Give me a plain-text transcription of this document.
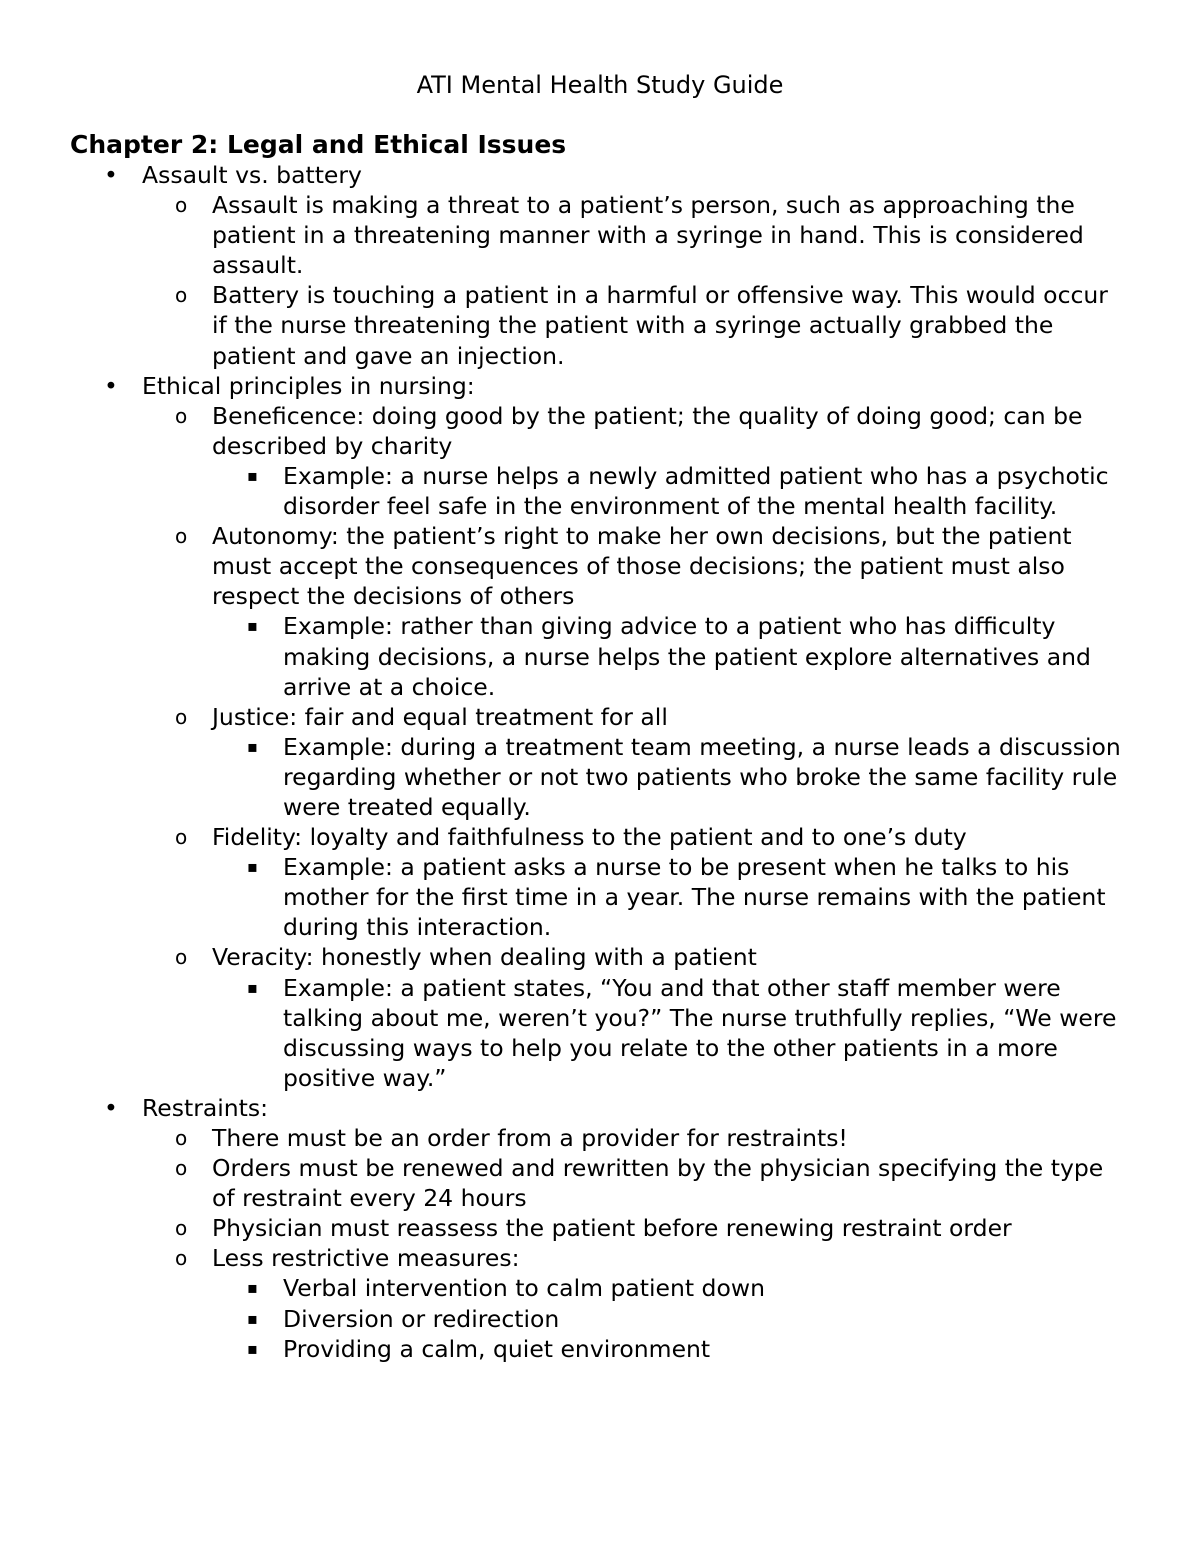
ATI Mental Health Study Guide
Chapter 2: Legal and Ethical Issues
• Assault vs. battery
o Assault is making a threat to a patient’s person, such as approaching the patient in a threatening manner with a syringe in hand. This is considered assault.
o Battery is touching a patient in a harmful or offensive way. This would occur if the nurse threatening the patient with a syringe actually grabbed the patient and gave an injection.
• Ethical principles in nursing:
o Beneficence: doing good by the patient; the quality of doing good; can be described by charity
▪ Example: a nurse helps a newly admitted patient who has a psychotic disorder feel safe in the environment of the mental health facility.
o Autonomy: the patient’s right to make her own decisions, but the patient must accept the consequences of those decisions; the patient must also respect the decisions of others
▪ Example: rather than giving advice to a patient who has difficulty making decisions, a nurse helps the patient explore alternatives and arrive at a choice.
o Justice: fair and equal treatment for all
▪ Example: during a treatment team meeting, a nurse leads a discussion regarding whether or not two patients who broke the same facility rule were treated equally.
o Fidelity: loyalty and faithfulness to the patient and to one’s duty
▪ Example: a patient asks a nurse to be present when he talks to his mother for the first time in a year. The nurse remains with the patient during this interaction.
o Veracity: honestly when dealing with a patient
▪ Example: a patient states, “You and that other staff member were talking about me, weren’t you?” The nurse truthfully replies, “We were discussing ways to help you relate to the other patients in a more positive way.”
• Restraints:
o There must be an order from a provider for restraints!
o Orders must be renewed and rewritten by the physician specifying the type of restraint every 24 hours
o Physician must reassess the patient before renewing restraint order
o Less restrictive measures:
▪ Verbal intervention to calm patient down
▪ Diversion or redirection
▪ Providing a calm, quiet environment
